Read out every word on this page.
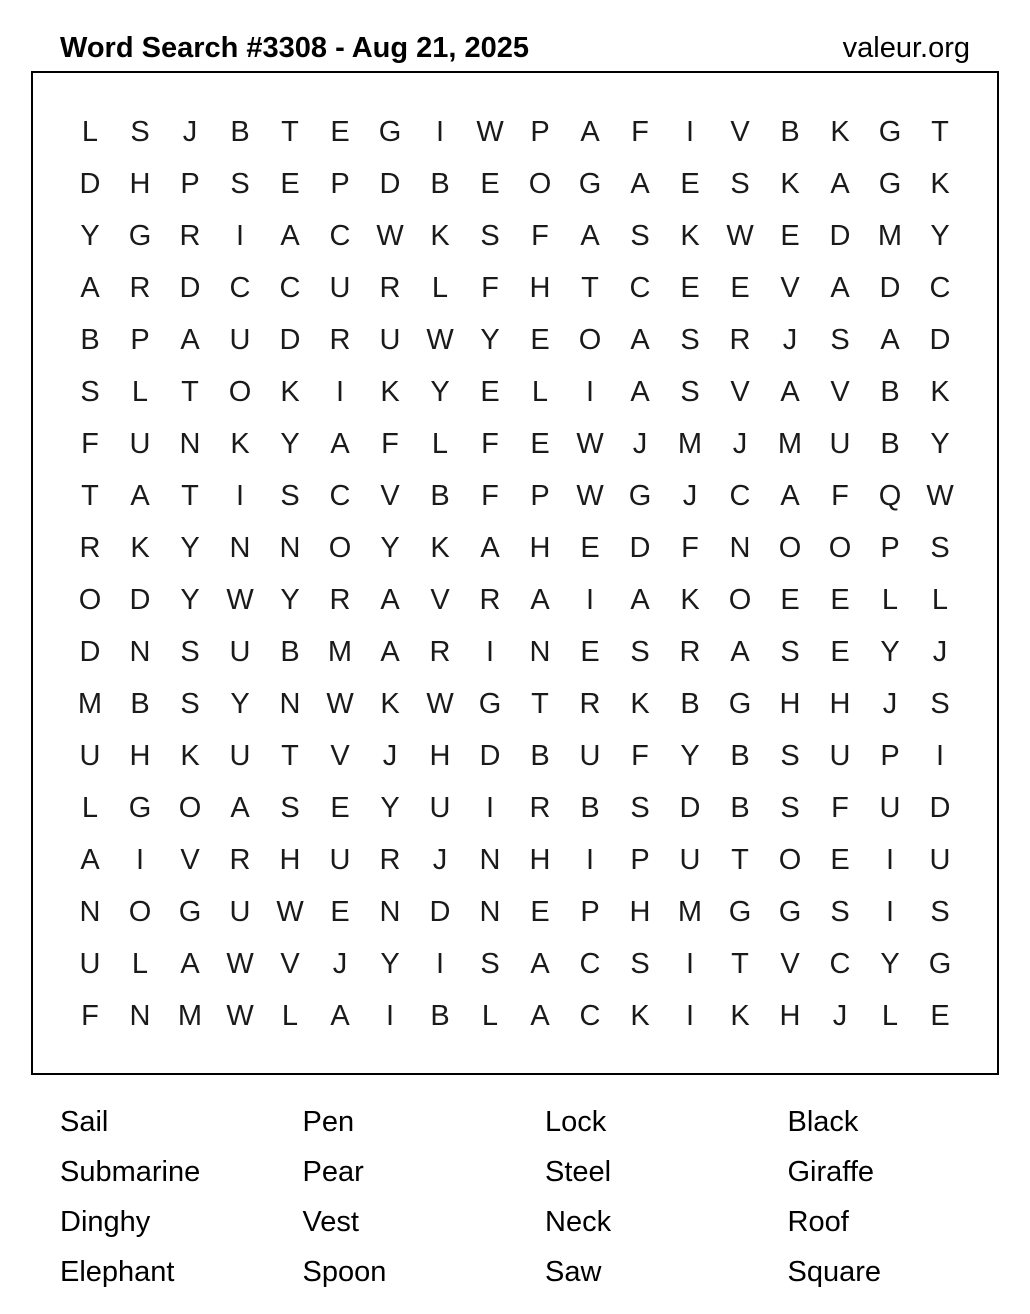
Word Search #3308 - Aug 21, 2025	valeur.org
L	S	J	B	T	E	G	I	W P	A	F	I	V	B	K	G	T
D	H	P	S	E	P	D	B	E	O G	A	E	S	K	A	G	K
Y	G R	I	A	C W K	S	F	A	S	K W E	D M Y
A	R	D	C	C	U	R	L	F	H	T	C	E	E	V	A	D	C
B	P	A	U	D	R	U W Y	E	O	A	S	R	J	S	A	D
S	L	T	O	K	I	K	Y	E	L	I	A	S	V	A	V	B	K
F	U	N	K	Y	A	F	L	F	E W	J	M	J	M U	B	Y
T	A	T	I	S	C	V	B	F	P W G	J	C	A	F	Q W
R	K	Y	N	N O	Y	K	A	H	E	D	F	N O O	P	S
O D	Y W Y	R	A	V	R	A	I	A	K	O	E	E	L	L
D	N	S	U	B M A	R	I	N	E	S	R	A	S	E	Y	J
M B	S	Y	N W K W G	T	R	K	B	G H	H	J	S
U	H	K	U	T	V	J	H	D	B	U	F	Y	B	S	U	P	I
L	G O	A	S	E	Y	U	I	R	B	S	D	B	S	F	U	D
A	I	V	R	H	U	R	J	N	H	I	P	U	T	O	E	I	U
N O G U W E	N	D	N	E	P	H M G G	S	I	S
U	L	A W V	J	Y	I	S	A	C	S	I	T	V	C	Y	G
F	N M W L	A	I	B	L	A	C	K	I	K	H	J	L	E
Sail	Pen	Lock	Black
Submarine	Pear	Steel	Giraffe
Dinghy	Vest	Neck	Roof
Elephant	Spoon	Saw	Square
